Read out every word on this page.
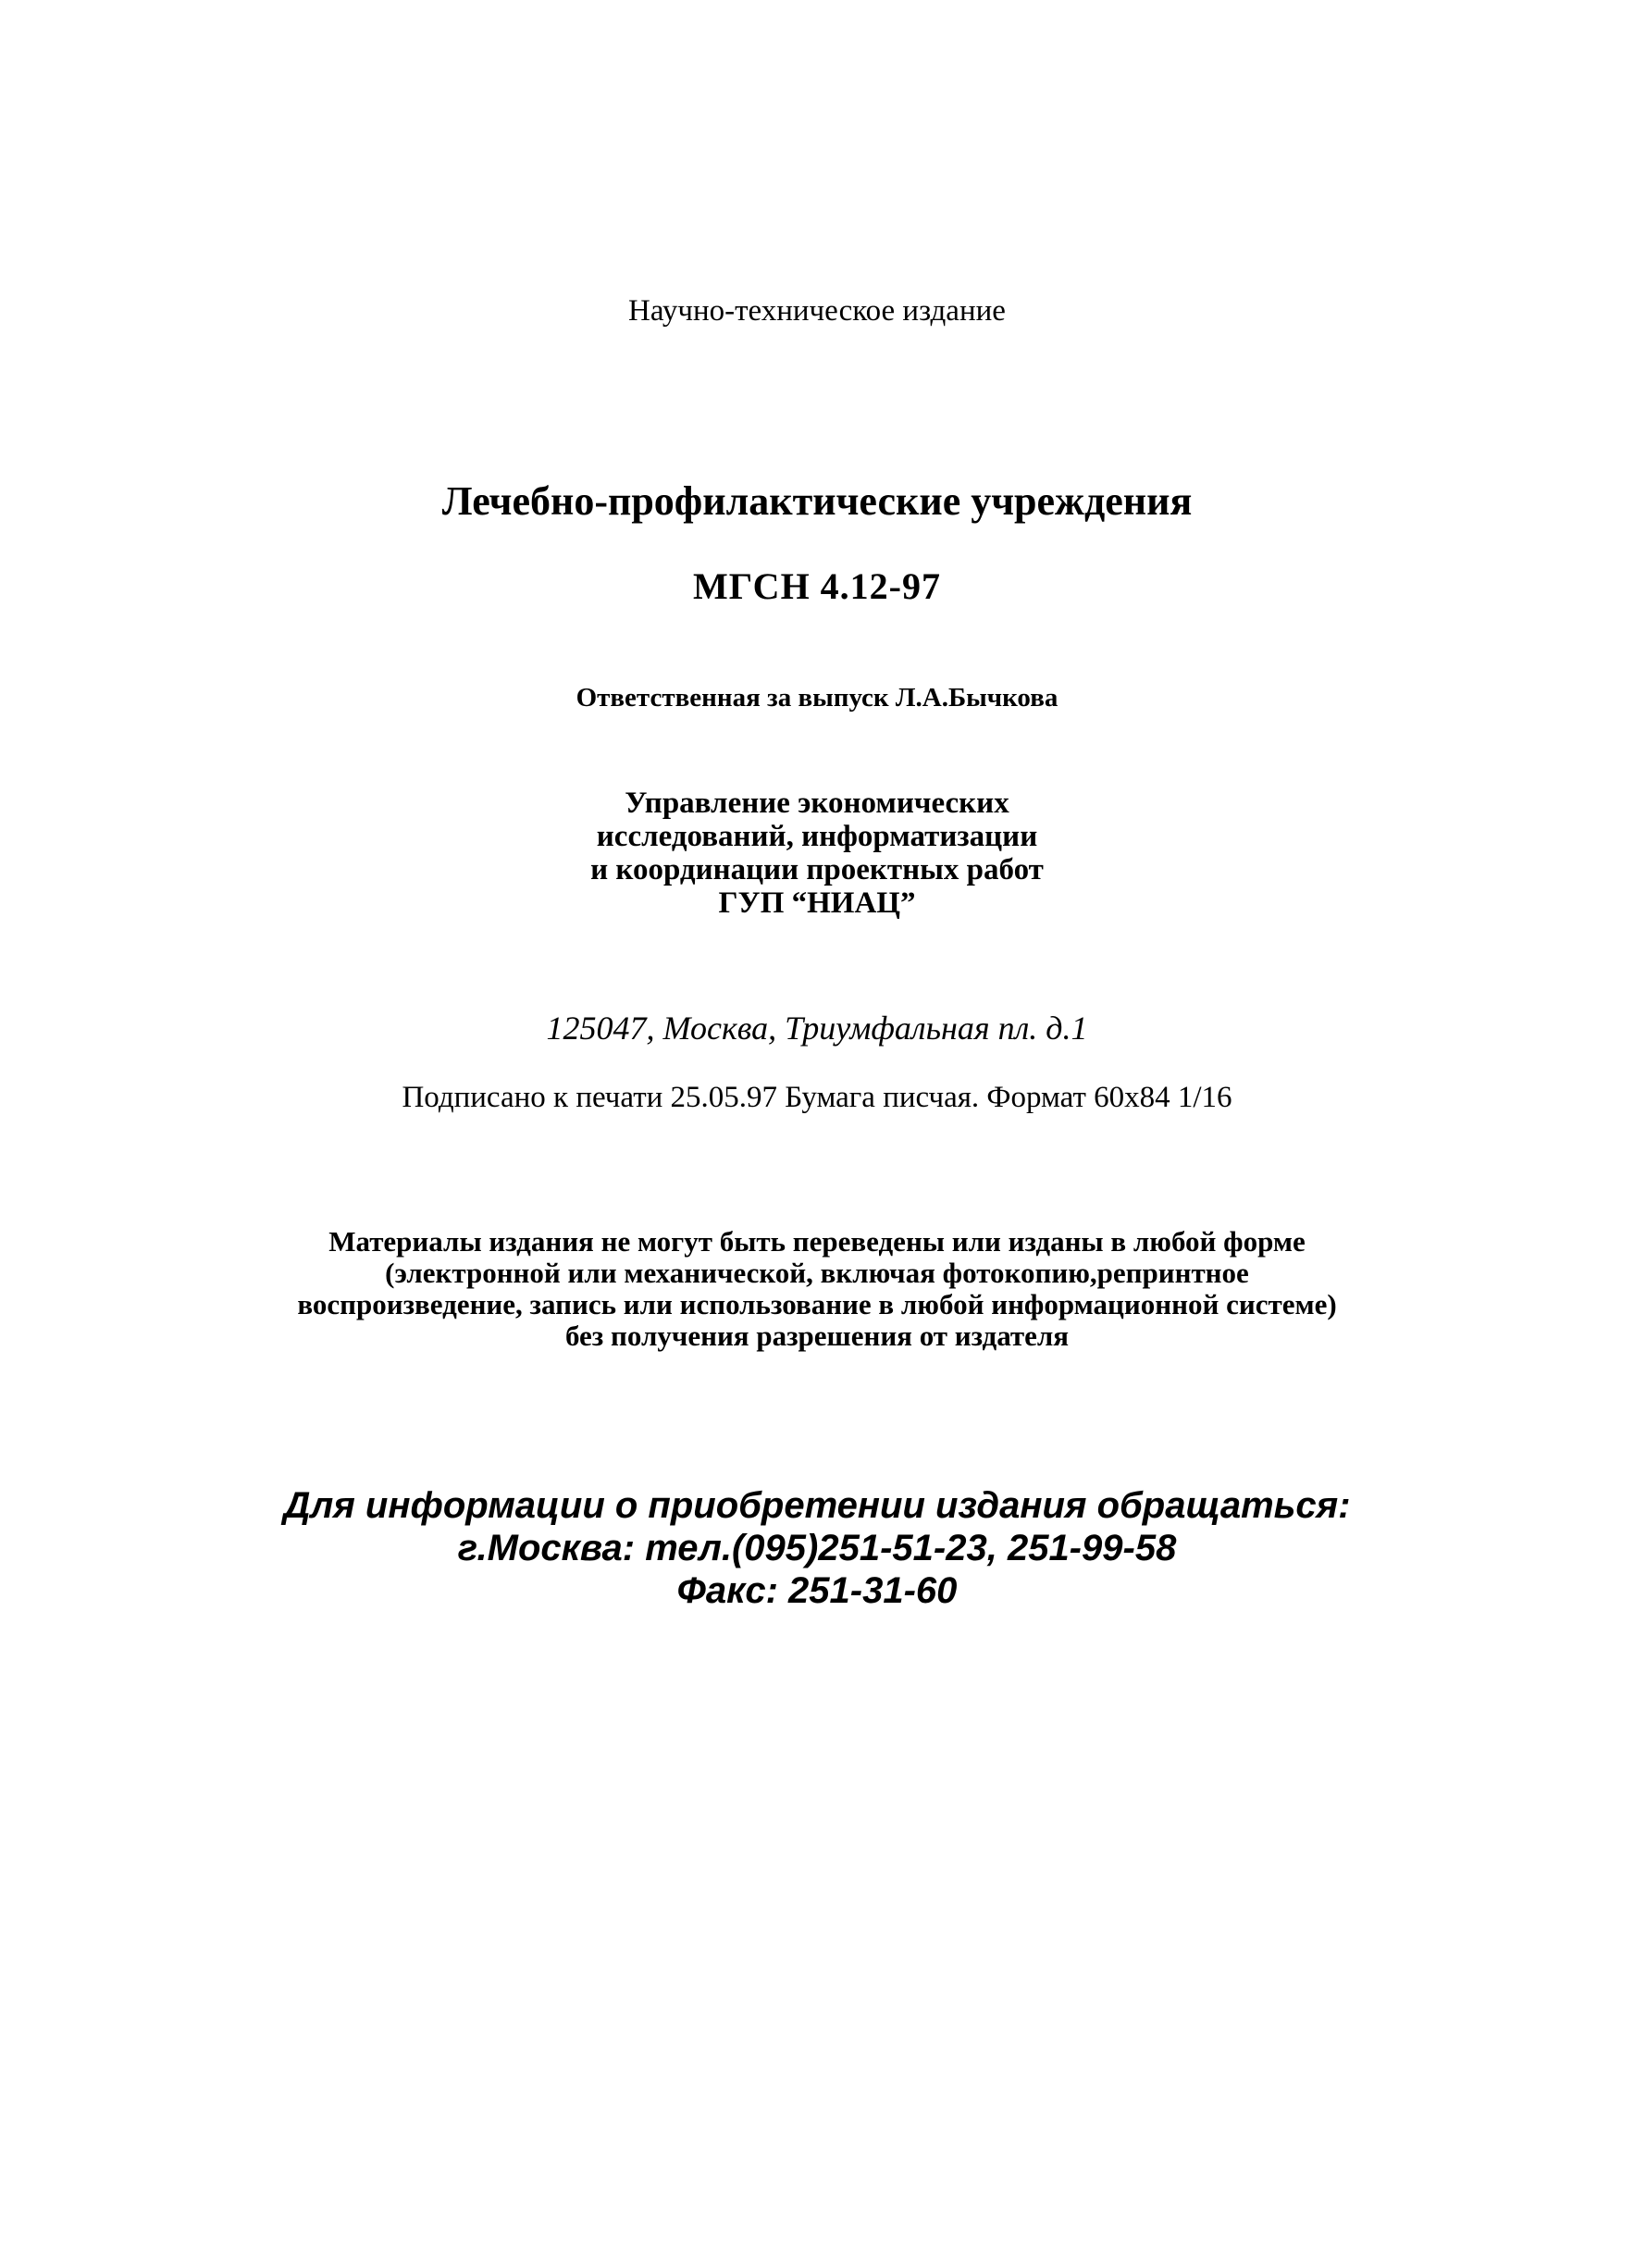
Научно-техническое издание
Лечебно-профилактические учреждения
МГСН 4.12-97
Ответственная за выпуск Л.А.Бычкова
Управление экономических
исследований, информатизации
и координации проектных работ
ГУП “НИАЦ”
125047, Москва, Триумфальная пл. д.1
Подписано к печати 25.05.97 Бумага писчая. Формат 60x84 1/16
Материалы издания не могут быть переведены или изданы в любой форме
(электронной или механической, включая фотокопию,репринтное
воспроизведение, запись или использование в любой информационной системе)
без получения разрешения от издателя
Для информации о приобретении издания обращаться:
г.Москва: тел.(095)251-51-23, 251-99-58
Факс: 251-31-60
